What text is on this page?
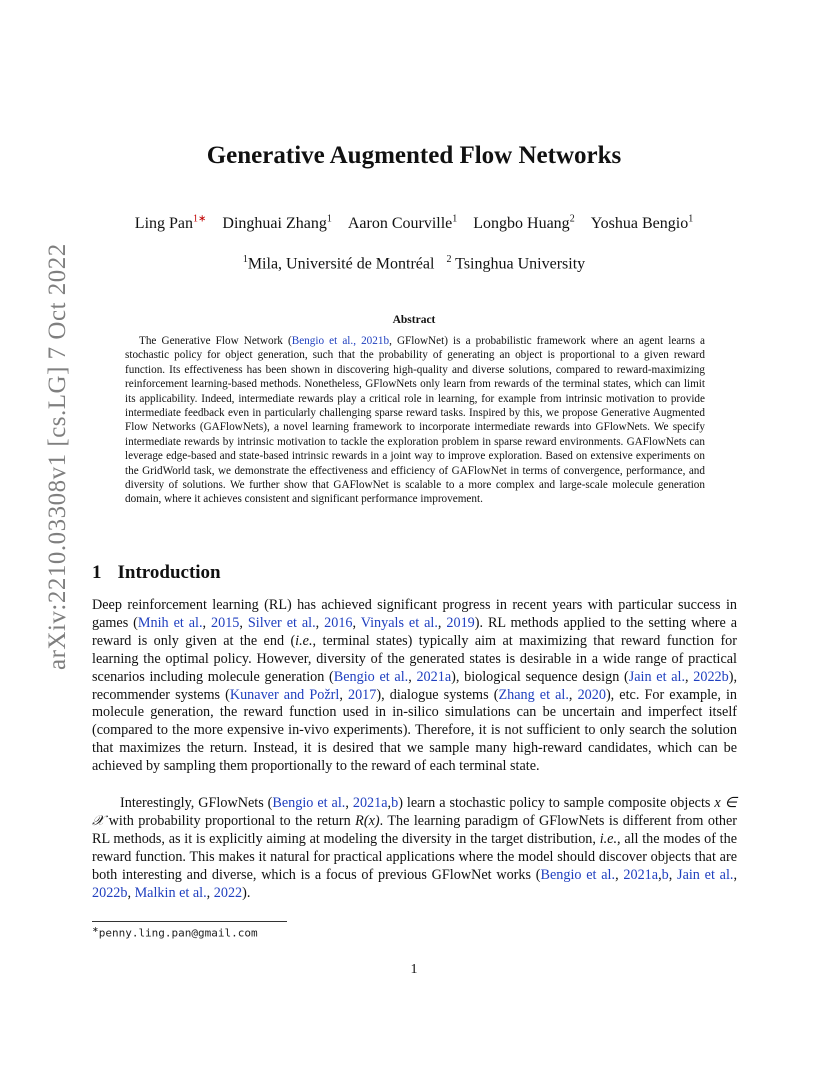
arXiv:2210.03308v1 [cs.LG] 7 Oct 2022
Generative Augmented Flow Networks
Ling Pan$^{1∗}$ Dinghuai Zhang$^1$ Aaron Courville$^1$ Longbo Huang$^2$ Yoshua Bengio$^1$
$^1$Mila, Université de Montréal $^2$ Tsinghua University
Abstract

The Generative Flow Network (Bengio et al., 2021b, GFlowNet) is a probabilistic framework where an agent learns a stochastic policy for object generation, such that the probability of generating an object is proportional to a given reward function. Its effectiveness has been shown in discovering high-quality and diverse solutions, compared to reward-maximizing reinforcement learning-based methods. Nonetheless, GFlowNets only learn from rewards of the terminal states, which can limit its applicability. Indeed, intermediate rewards play a critical role in learning, for example from intrinsic motivation to provide intermediate feedback even in particularly challenging sparse reward tasks. Inspired by this, we propose Generative Augmented Flow Networks (GAFlowNets), a novel learning framework to incorporate intermediate rewards into GFlowNets. We specify intermediate rewards by intrinsic motivation to tackle the exploration problem in sparse reward environments. GAFlowNets can leverage edge-based and state-based intrinsic rewards in a joint way to improve exploration. Based on extensive experiments on the GridWorld task, we demonstrate the effectiveness and efficiency of GAFlowNet in terms of convergence, performance, and diversity of solutions. We further show that GAFlowNet is scalable to a more complex and large-scale molecule generation domain, where it achieves consistent and significant performance improvement.

1 Introduction

Deep reinforcement learning (RL) has achieved significant progress in recent years with particular success in games (Mnih et al., 2015, Silver et al., 2016, Vinyals et al., 2019). RL methods applied to the setting where a reward is only given at the end (i.e., terminal states) typically aim at maximizing that reward function for learning the optimal policy. However, diversity of the generated states is desirable in a wide range of practical scenarios including molecule generation (Bengio et al., 2021a), biological sequence design (Jain et al., 2022b), recommender systems (Kunaver and Požrl, 2017), dialogue systems (Zhang et al., 2020), etc. For example, in molecule generation, the reward function used in in-silico simulations can be uncertain and imperfect itself (compared to the more expensive in-vivo experiments). Therefore, it is not sufficient to only search the solution that maximizes the return. Instead, it is desired that we sample many high-reward candidates, which can be achieved by sampling them proportionally to the reward of each terminal state.

Interestingly, GFlowNets (Bengio et al., 2021a,b) learn a stochastic policy to sample composite objects x ∈ 𝒳 with probability proportional to the return R(x). The learning paradigm of GFlowNets is different from other RL methods, as it is explicitly aiming at modeling the diversity in the target distribution, i.e., all the modes of the reward function. This makes it natural for practical applications where the model should discover objects that are both interesting and diverse, which is a focus of previous GFlowNet works (Bengio et al., 2021a,b, Jain et al., 2022b, Malkin et al., 2022).

∗penny.ling.pan@gmail.com
1
